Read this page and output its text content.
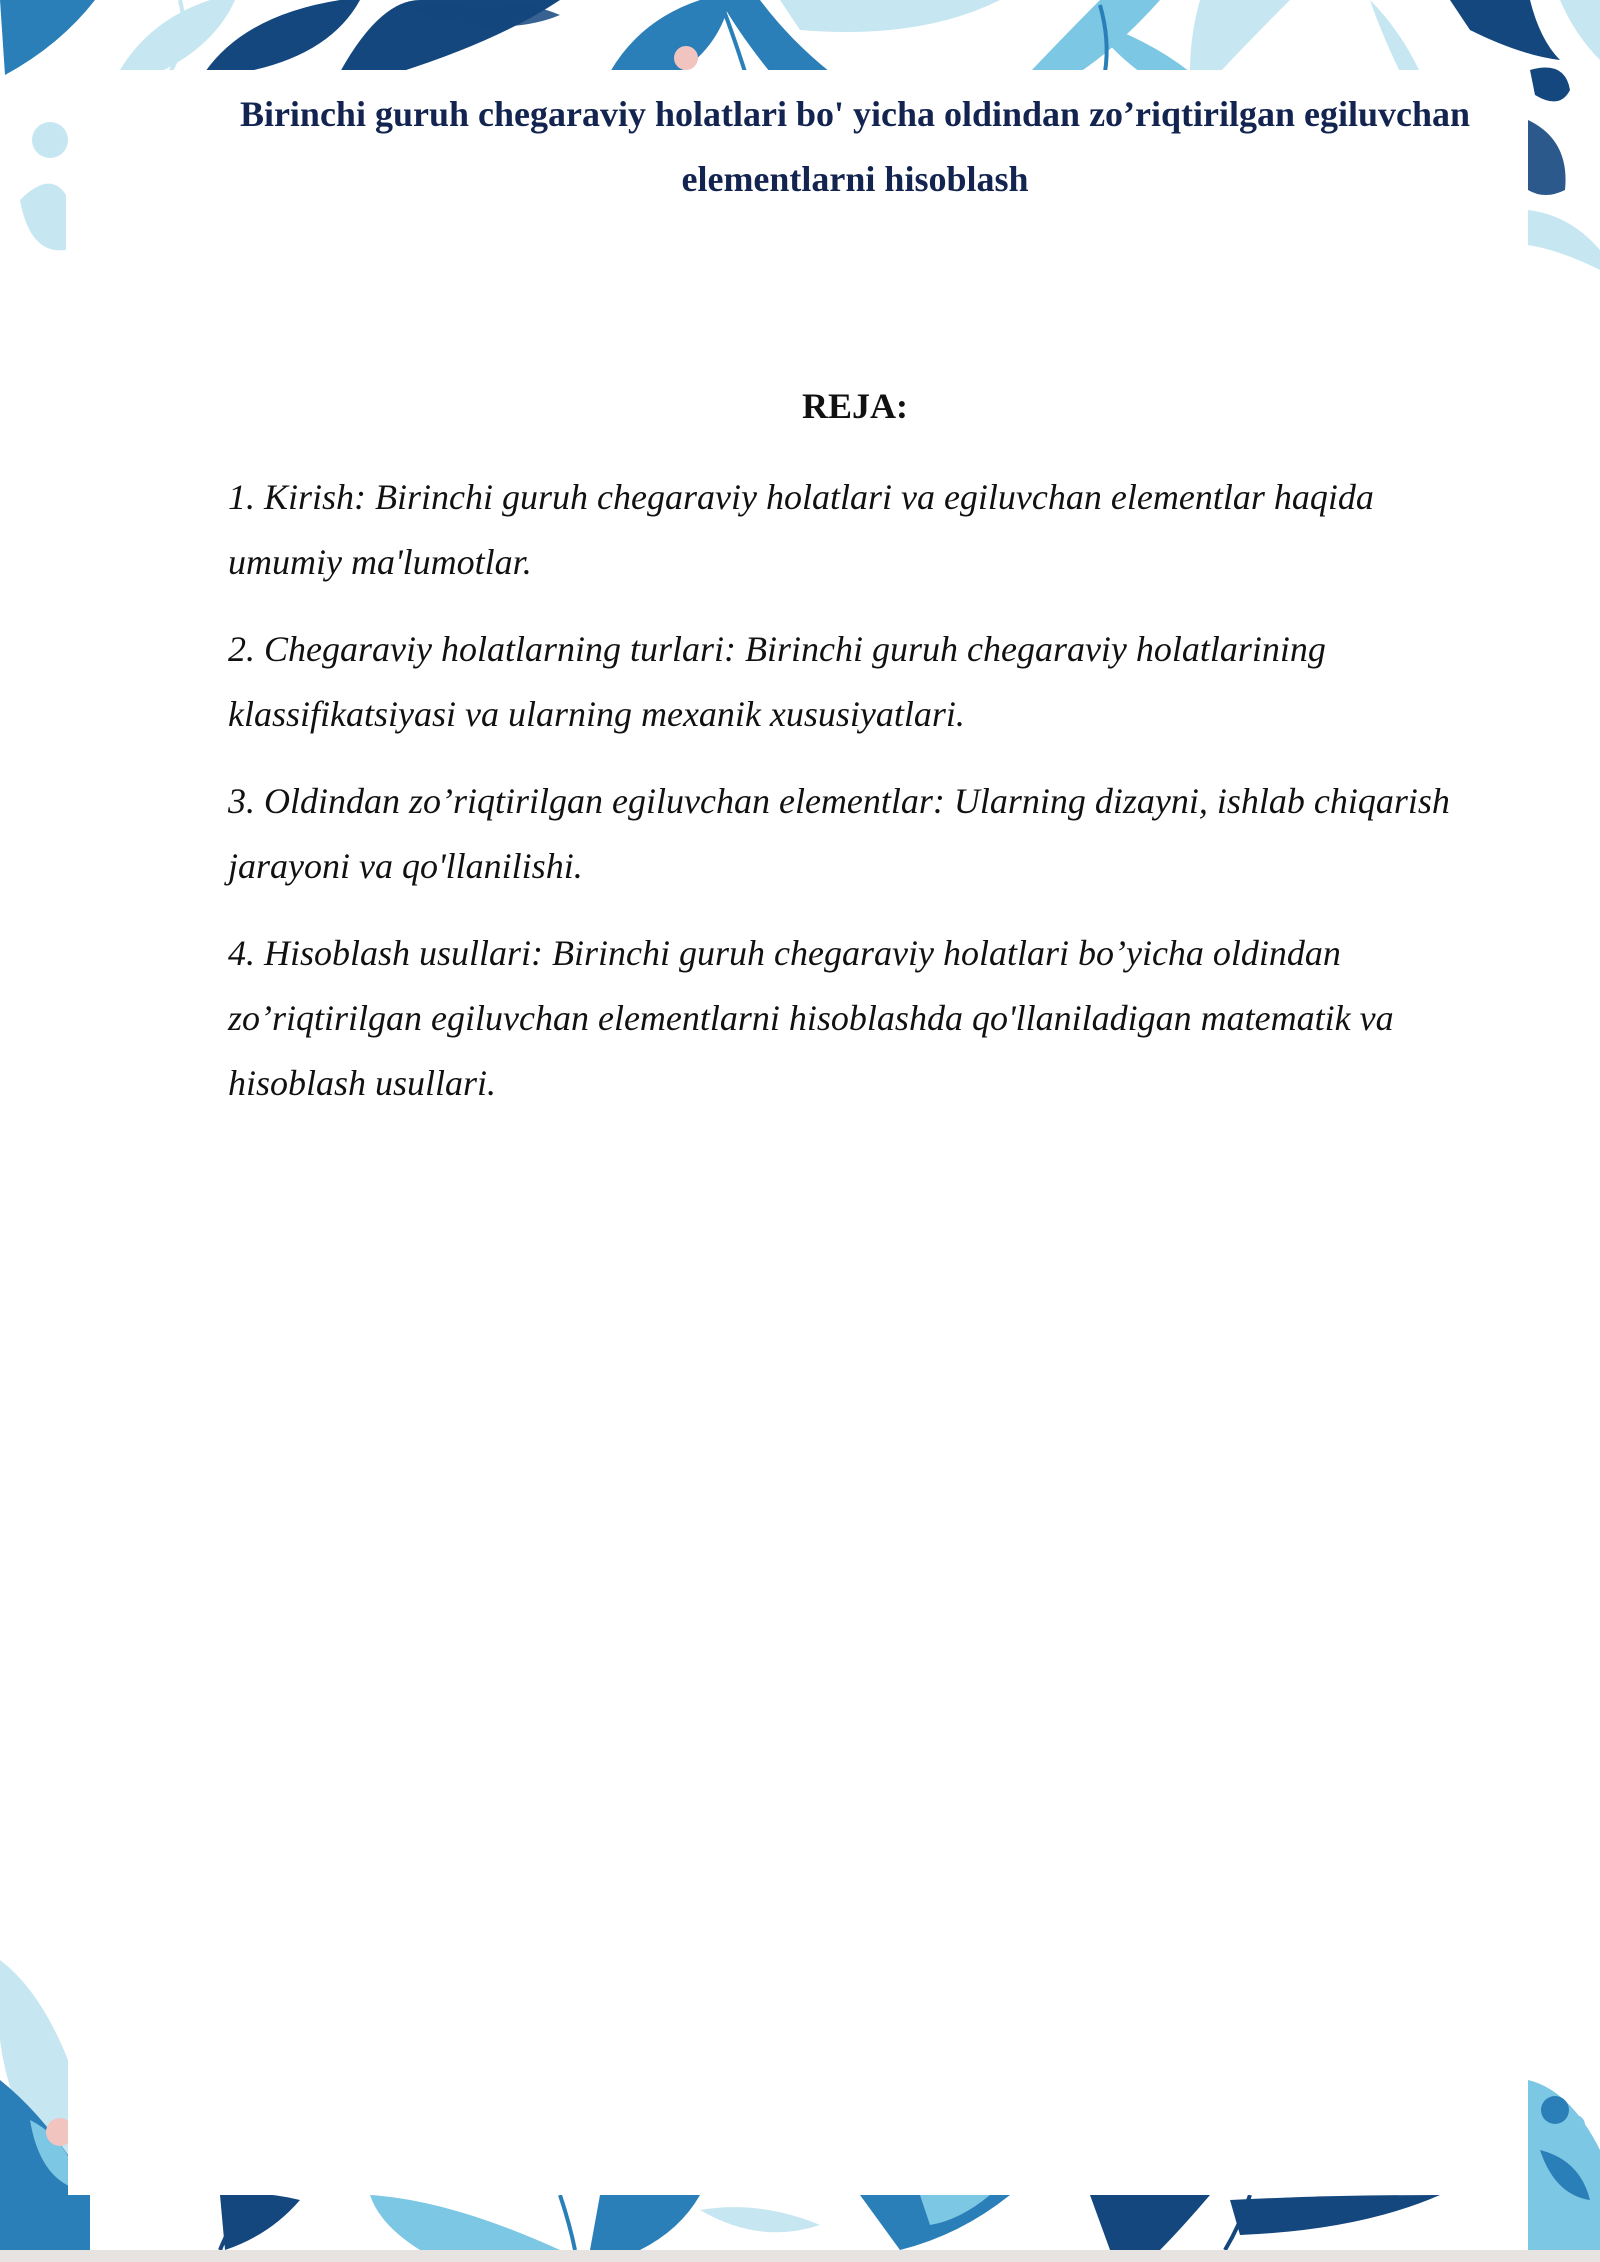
Birinchi guruh chegaraviy holatlari bo' yicha oldindan zo’riqtirilgan egiluvchan elementlarni hisoblash
REJA:
1. Kirish: Birinchi guruh chegaraviy holatlari va egiluvchan elementlar haqida umumiy ma'lumotlar.
2. Chegaraviy holatlarning turlari: Birinchi guruh chegaraviy holatlarining klassifikatsiyasi va ularning mexanik xususiyatlari.
3. Oldindan zo’riqtirilgan egiluvchan elementlar: Ularning dizayni, ishlab chiqarish jarayoni va qo'llanilishi.
4. Hisoblash usullari: Birinchi guruh chegaraviy holatlari bo’yicha oldindan zo’riqtirilgan egiluvchan elementlarni hisoblashda qo'llaniladigan matematik va hisoblash usullari.
